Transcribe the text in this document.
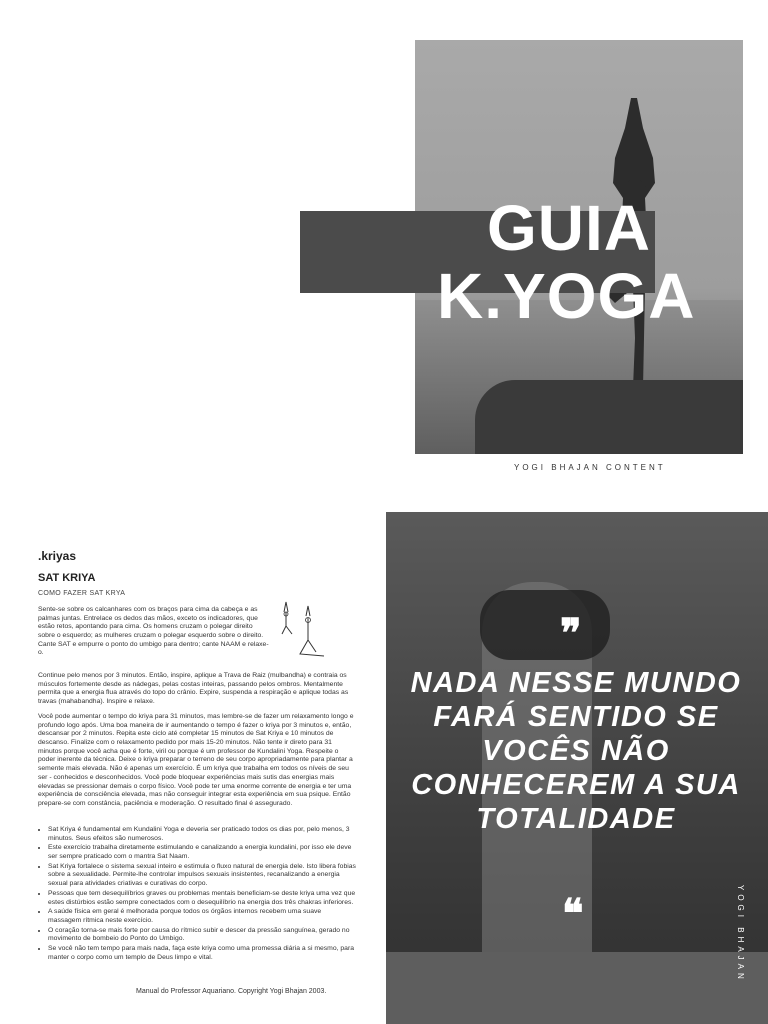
GUIA
K.YOGA
YOGI BHAJAN CONTENT
.kriyas
SAT KRIYA
COMO FAZER SAT KRYA
Sente-se sobre os calcanhares com os braços para cima da cabeça e as palmas juntas. Entrelace os dedos das mãos, exceto os indicadores, que estão retos, apontando para cima. Os homens cruzam o polegar direito sobre o esquerdo; as mulheres cruzam o polegar esquerdo sobre o direito. Cante SAT e empurre o ponto do umbigo para dentro; cante NAAM e relaxe-o.
Continue pelo menos por 3 minutos. Então, inspire, aplique a Trava de Raiz (mulbandha) e contraia os músculos fortemente desde as nádegas, pelas costas inteiras, passando pelos ombros. Mentalmente permita que a energia flua através do topo do crânio. Expire, suspenda a respiração e aplique todas as travas (mahabandha). Inspire e relaxe.
Você pode aumentar o tempo do kriya para 31 minutos, mas lembre-se de fazer um relaxamento longo e profundo logo após. Uma boa maneira de ir aumentando o tempo é fazer o kriya por 3 minutos e, então, descansar por 2 minutos. Repita este ciclo até completar 15 minutos de Sat Kriya e 10 minutos de descanso. Finalize com o relaxamento pedido por mais 15-20 minutos. Não tente ir direto para 31 minutos porque você acha que é forte, viril ou porque é um professor de Kundalini Yoga. Respeite o poder inerente da técnica. Deixe o kriya preparar o terreno de seu corpo apropriadamente para plantar a semente mais elevada. Não é apenas um exercício. É um kriya que trabalha em todos os níveis de seu ser - conhecidos e desconhecidos. Você pode bloquear experiências mais sutis das energias mais elevadas se pressionar demais o corpo físico. Você pode ter uma enorme corrente de energia e ter uma experiência de consciência elevada, mas não conseguir integrar esta experiência em sua psique. Então prepare-se com constância, paciência e moderação. O resultado final é assegurado.
• Sat Kriya é fundamental em Kundalini Yoga e deveria ser praticado todos os dias por, pelo menos, 3 minutos. Seus efeitos são numerosos.
• Este exercício trabalha diretamente estimulando e canalizando a energia kundalini, por isso ele deve ser sempre praticado com o mantra Sat Naam.
• Sat Kriya fortalece o sistema sexual inteiro e estimula o fluxo natural de energia dele. Isto libera fobias sobre a sexualidade. Permite-lhe controlar impulsos sexuais insistentes, recanalizando a energia sexual para atividades criativas e curativas do corpo.
• Pessoas que tem desequilíbrios graves ou problemas mentais beneficiam-se deste kriya uma vez que estes distúrbios estão sempre conectados com o desequilíbrio na energia dos três chakras inferiores.
• A saúde física em geral é melhorada porque todos os órgãos internos recebem uma suave massagem rítmica neste exercício.
• O coração torna-se mais forte por causa do rítmico subir e descer da pressão sanguínea, gerado no movimento de bombeio do Ponto do Umbigo.
• Se você não tem tempo para mais nada, faça este kriya como uma promessa diária a si mesmo, para manter o corpo como um templo de Deus limpo e vital.
Manual do Professor Aquariano. Copyright Yogi Bhajan 2003.
❞
NADA NESSE MUNDO FARÁ SENTIDO SE VOCÊS NÃO CONHECEREM A SUA TOTALIDADE
❝	YOGI BHAJAN
